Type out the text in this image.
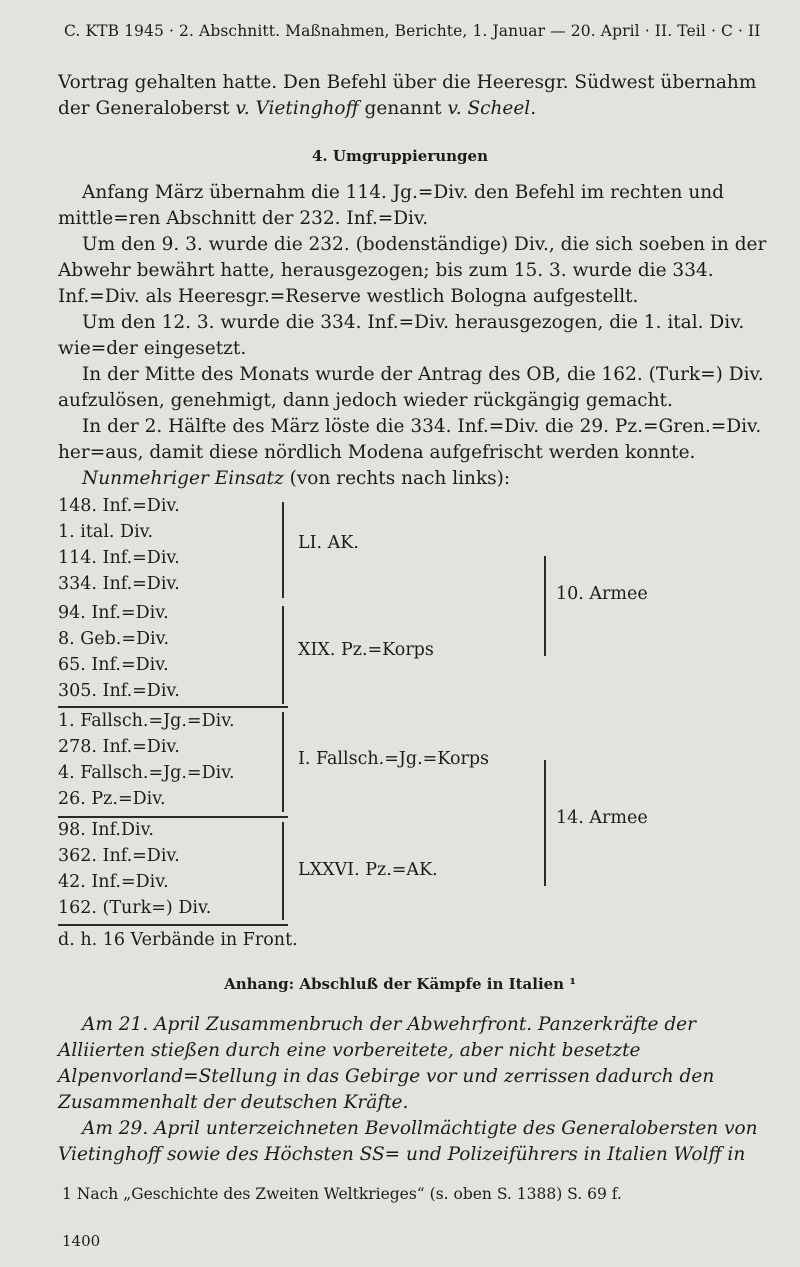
C. KTB 1945 · 2. Abschnitt. Maßnahmen, Berichte, 1. Januar — 20. April · II. Teil · C · II

Vortrag gehalten hatte. Den Befehl über die Heeresgr. Südwest übernahm
der Generaloberst v. Vietinghoff genannt v. Scheel.

4. Umgruppierungen

Anfang März übernahm die 114. Jg.=Div. den Befehl im rechten und mittle=ren Abschnitt der 232. Inf.=Div.

Um den 9. 3. wurde die 232. (bodenständige) Div., die sich soeben in der Abwehr bewährt hatte, herausgezogen; bis zum 15. 3. wurde die 334. Inf.=Div. als Heeresgr.=Reserve westlich Bologna aufgestellt.

Um den 12. 3. wurde die 334. Inf.=Div. herausgezogen, die 1. ital. Div. wie=der eingesetzt.

In der Mitte des Monats wurde der Antrag des OB, die 162. (Turk=) Div. aufzulösen, genehmigt, dann jedoch wieder rückgängig gemacht.

In der 2. Hälfte des März löste die 334. Inf.=Div. die 29. Pz.=Gren.=Div. her=aus, damit diese nördlich Modena aufgefrischt werden konnte.

Nunmehriger Einsatz (von rechts nach links):

148. Inf.=Div.
1. ital. Div.
114. Inf.=Div.
334. Inf.=Div.
LI. AK.
94. Inf.=Div.
8. Geb.=Div.
65. Inf.=Div.
305. Inf.=Div.
XIX. Pz.=Korps
10. Armee
1. Fallsch.=Jg.=Div.
278. Inf.=Div.
4. Fallsch.=Jg.=Div.
26. Pz.=Div.
I. Fallsch.=Jg.=Korps
98. Inf.Div.
362. Inf.=Div.
42. Inf.=Div.
162. (Turk=) Div.
LXXVI. Pz.=AK.
14. Armee
d. h. 16 Verbände in Front.
Anhang: Abschluß der Kämpfe in Italien ¹

Am 21. April Zusammenbruch der Abwehrfront. Panzerkräfte der Alliierten stießen durch eine vorbereitete, aber nicht besetzte Alpenvorland=Stellung in das Gebirge vor und zerrissen dadurch den Zusammenhalt der deutschen Kräfte.

Am 29. April unterzeichneten Bevollmächtigte des Generalobersten von Vietinghoff sowie des Höchsten SS= und Polizeiführers in Italien Wolff in

1 Nach „Geschichte des Zweiten Weltkrieges“ (s. oben S. 1388) S. 69 f.
1400
